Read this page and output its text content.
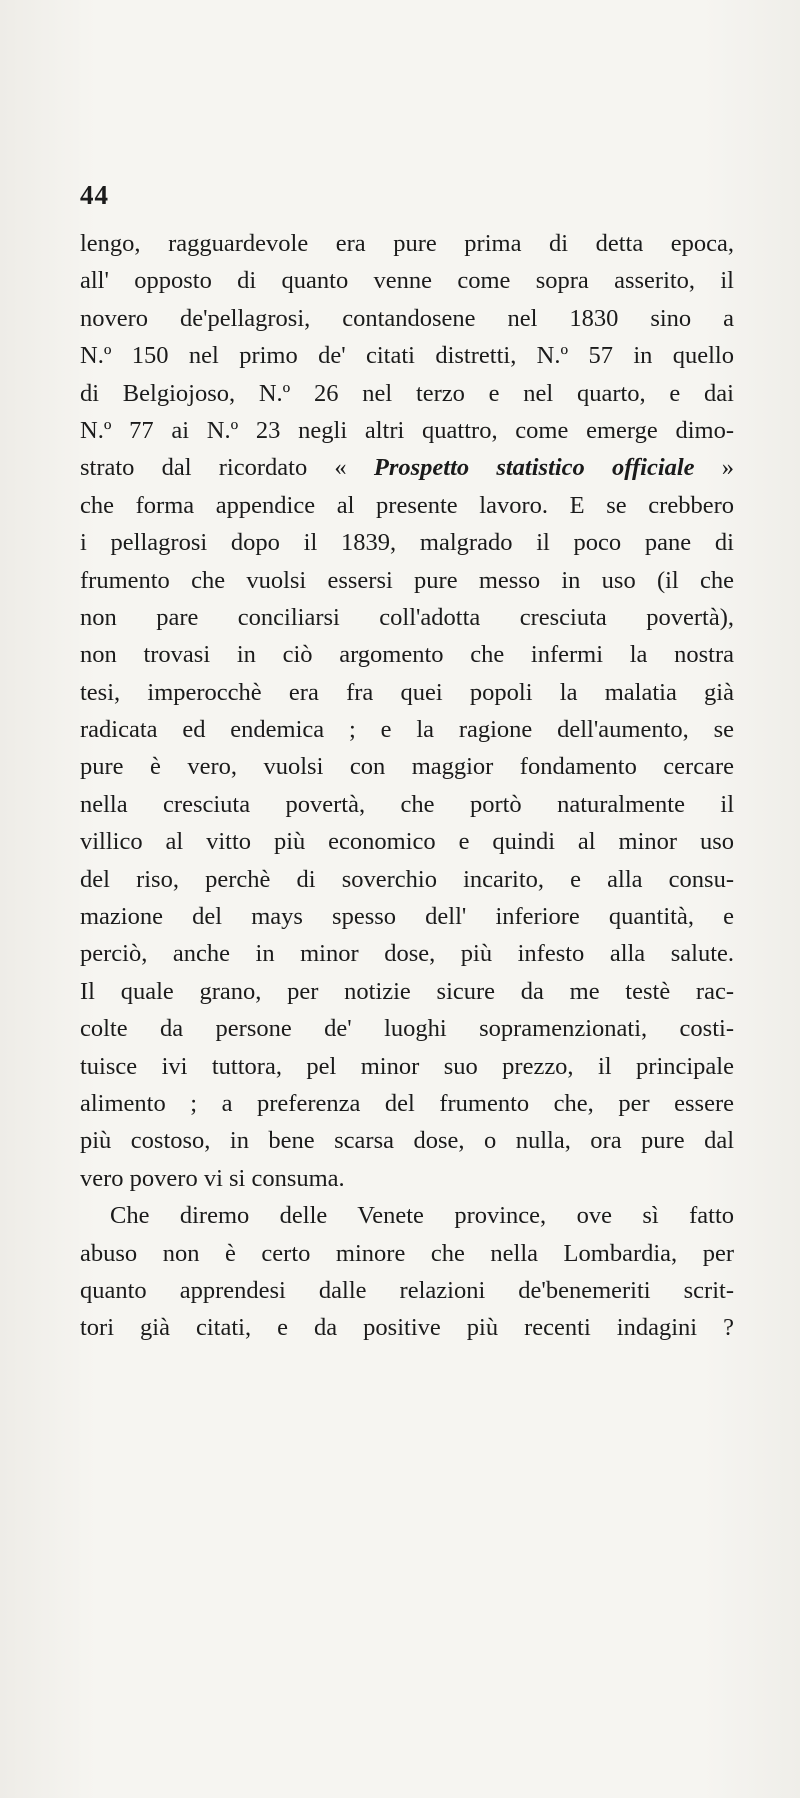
44
lengo, ragguardevole era pure prima di detta epoca,
all' opposto di quanto venne come sopra asserito, il
novero de'pellagrosi, contandosene nel 1830 sino a
N.º 150 nel primo de' citati distretti, N.º 57 in quello
di Belgiojoso, N.º 26 nel terzo e nel quarto, e dai
N.º 77 ai N.º 23 negli altri quattro, come emerge dimo-
strato dal ricordato « Prospetto statistico officiale »
che forma appendice al presente lavoro. E se crebbero
i pellagrosi dopo il 1839, malgrado il poco pane di
frumento che vuolsi essersi pure messo in uso (il che
non pare conciliarsi coll'adotta cresciuta povertà),
non trovasi in ciò argomento che infermi la nostra
tesi, imperocchè era fra quei popoli la malatia già
radicata ed endemica ; e la ragione dell'aumento, se
pure è vero, vuolsi con maggior fondamento cercare
nella cresciuta povertà, che portò naturalmente il
villico al vitto più economico e quindi al minor uso
del riso, perchè di soverchio incarito, e alla consu-
mazione del mays spesso dell' inferiore quantità, e
perciò, anche in minor dose, più infesto alla salute.
Il quale grano, per notizie sicure da me testè rac-
colte da persone de' luoghi sopramenzionati, costi-
tuisce ivi tuttora, pel minor suo prezzo, il principale
alimento ; a preferenza del frumento che, per essere
più costoso, in bene scarsa dose, o nulla, ora pure dal
vero povero vi si consuma.
Che diremo delle Venete province, ove sì fatto
abuso non è certo minore che nella Lombardia, per
quanto apprendesi dalle relazioni de'benemeriti scrit-
tori già citati, e da positive più recenti indagini ?
